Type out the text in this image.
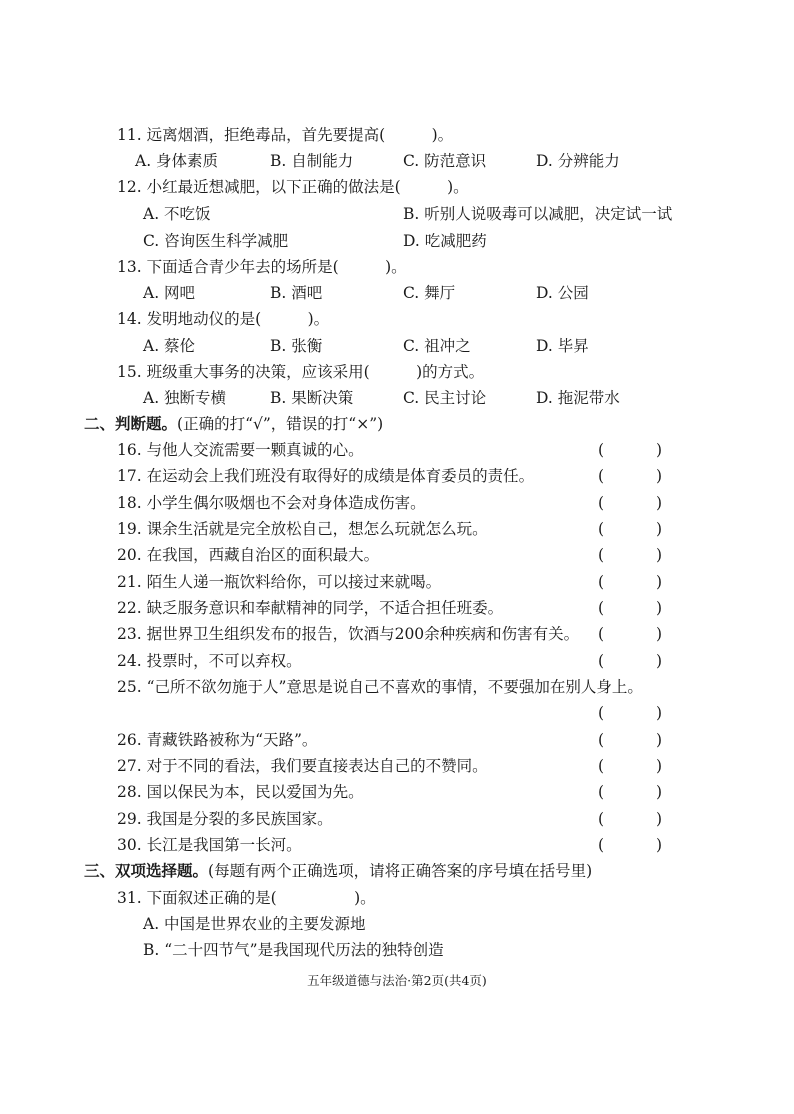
11. 远离烟酒，拒绝毒品，首先要提高(　　　)。
A. 身体素质	B. 自制能力	C. 防范意识	D. 分辨能力
12. 小红最近想减肥，以下正确的做法是(　　　)。
A. 不吃饭	B. 听别人说吸毒可以减肥，决定试一试
C. 咨询医生科学减肥	D. 吃减肥药
13. 下面适合青少年去的场所是(　　　)。
A. 网吧	B. 酒吧	C. 舞厅	D. 公园
14. 发明地动仪的是(　　　)。
A. 蔡伦	B. 张衡	C. 祖冲之	D. 毕昇
15. 班级重大事务的决策，应该采用(　　　)的方式。
A. 独断专横	B. 果断决策	C. 民主讨论	D. 拖泥带水
二、判断题。(正确的打“√”，错误的打“×”)
16. 与他人交流需要一颗真诚的心。	(	)
17. 在运动会上我们班没有取得好的成绩是体育委员的责任。	(	)
18. 小学生偶尔吸烟也不会对身体造成伤害。	(	)
19. 课余生活就是完全放松自己，想怎么玩就怎么玩。	(	)
20. 在我国，西藏自治区的面积最大。	(	)
21. 陌生人递一瓶饮料给你，可以接过来就喝。	(	)
22. 缺乏服务意识和奉献精神的同学，不适合担任班委。	(	)
23. 据世界卫生组织发布的报告，饮酒与200余种疾病和伤害有关。 (	)
24. 投票时，不可以弃权。	(	)
25. “己所不欲勿施于人”意思是说自己不喜欢的事情，不要强加在别人身上。
(	)
26. 青藏铁路被称为“天路”。	(	)
27. 对于不同的看法，我们要直接表达自己的不赞同。	(	)
28. 国以保民为本，民以爱国为先。	(	)
29. 我国是分裂的多民族国家。	(	)
30. 长江是我国第一长河。	(	)
三、双项选择题。(每题有两个正确选项，请将正确答案的序号填在括号里)
31. 下面叙述正确的是(　　　　　)。
A. 中国是世界农业的主要发源地
B. “二十四节气”是我国现代历法的独特创造
五年级道德与法治·第2页(共4页)
